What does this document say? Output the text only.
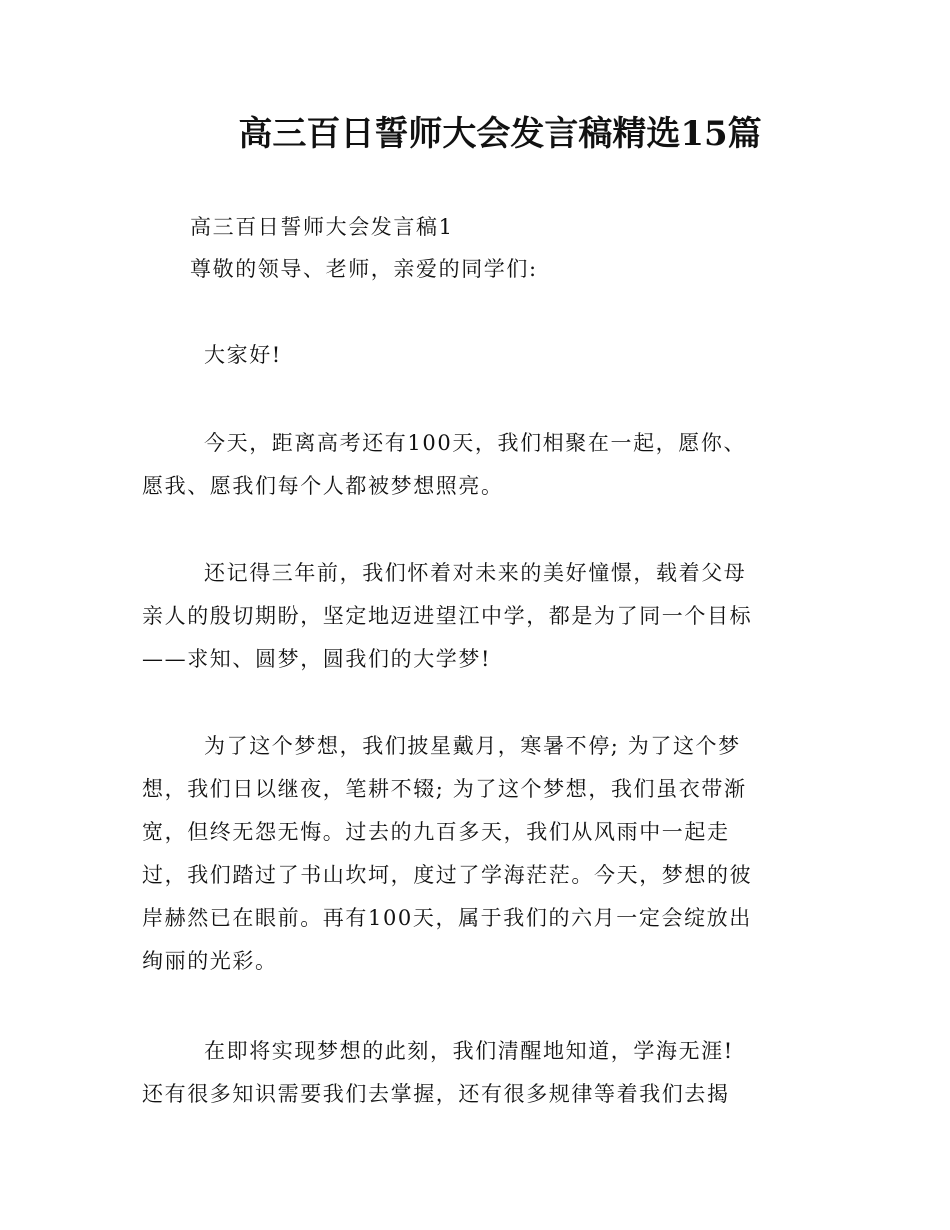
高三百日誓师大会发言稿精选15篇
高三百日誓师大会发言稿1
尊敬的领导、老师，亲爱的同学们:
大家好!
今天，距离高考还有100天，我们相聚在一起，愿你、
愿我、愿我们每个人都被梦想照亮。
还记得三年前，我们怀着对未来的美好憧憬，载着父母
亲人的殷切期盼，坚定地迈进望江中学，都是为了同一个目标
——求知、圆梦，圆我们的大学梦!
为了这个梦想，我们披星戴月，寒暑不停; 为了这个梦
想，我们日以继夜，笔耕不辍; 为了这个梦想，我们虽衣带渐
宽，但终无怨无悔。过去的九百多天，我们从风雨中一起走
过，我们踏过了书山坎坷，度过了学海茫茫。今天，梦想的彼
岸赫然已在眼前。再有100天，属于我们的六月一定会绽放出
绚丽的光彩。
在即将实现梦想的此刻，我们清醒地知道，学海无涯!
还有很多知识需要我们去掌握，还有很多规律等着我们去揭
